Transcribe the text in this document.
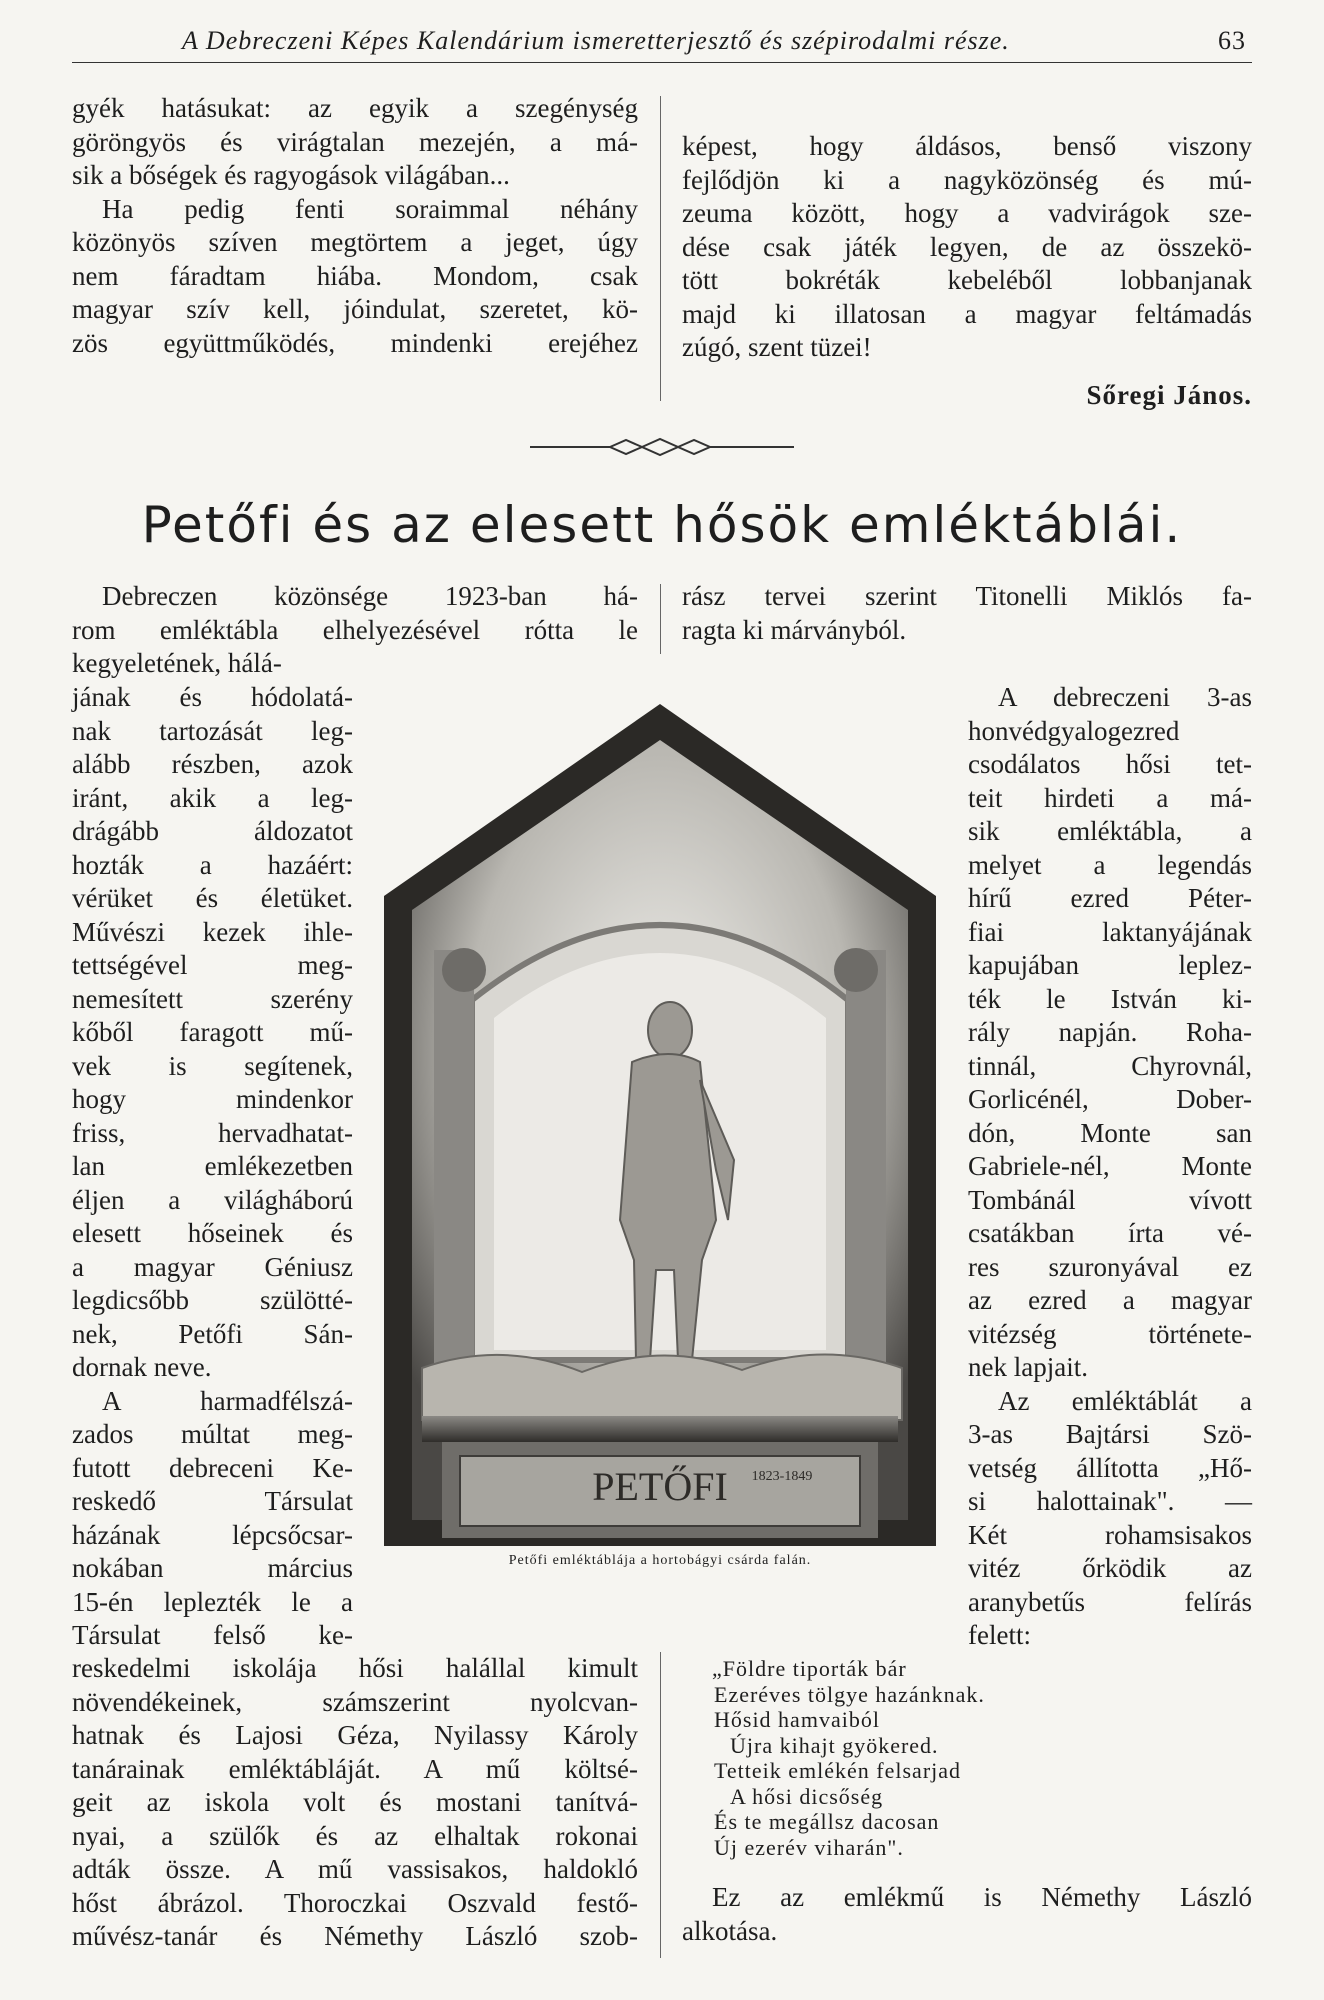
A Debreczeni Képes Kalendárium ismeretterjesztő és szépirodalmi része.	63
gyék hatásukat: az egyik a szegénység
göröngyös és virágtalan mezején, a má-
sik a bőségek és ragyogások világában...
Ha pedig fenti soraimmal néhány
közönyös szíven megtörtem a jeget, úgy
nem fáradtam hiába. Mondom, csak
magyar szív kell, jóindulat, szeretet, kö-
zös együttműködés, mindenki erejéhez
képest, hogy áldásos, benső viszony
fejlődjön ki a nagyközönség és mú-
zeuma között, hogy a vadvirágok sze-
dése csak játék legyen, de az összekö-
tött bokréták kebeléből lobbanjanak
majd ki illatosan a magyar feltámadás
zúgó, szent tüzei!
Sőregi János.
Petőfi és az elesett hősök emléktáblái.
Debreczen közönsége 1923-ban há-
rom emléktábla elhelyezésével rótta le
kegyeletének, hálá-
rász tervei szerint Titonelli Miklós fa-
ragta ki márványból.
jának és hódolatá-
nak tartozását leg-
alább részben, azok
iránt, akik a leg-
drágább áldozatot
hozták a hazáért:
vérüket és életüket.
Művészi kezek ihle-
tettségével meg-
nemesített szerény
kőből faragott mű-
vek is segítenek,
hogy mindenkor
friss, hervadhatat-
lan emlékezetben
éljen a világháború
elesett hőseinek és
a magyar Géniusz
legdicsőbb szülötté-
nek, Petőfi Sán-
dornak neve.
A harmadfélszá-
zados múltat meg-
futott debreceni Ke-
reskedő Társulat
házának lépcsőcsar-
nokában március
15-én leplezték le a
Társulat felső ke-
PETŐFI 1823-1849
Petőfi emléktáblája a hortobágyi csárda falán.
A debreczeni 3-as
honvédgyalogezred
csodálatos hősi tet-
teit hirdeti a má-
sik emléktábla, a
melyet a legendás
hírű ezred Péter-
fiai laktanyájának
kapujában leplez-
ték le István ki-
rály napján. Roha-
tinnál, Chyrovnál,
Gorlicénél, Dober-
dón, Monte san
Gabriele-nél, Monte
Tombánál vívott
csatákban írta vé-
res szuronyával ez
az ezred a magyar
vitézség története-
nek lapjait.
Az emléktáblát a
3-as Bajtársi Szö-
vetség állította „Hő-
si halottainak". —
Két rohamsisakos
vitéz őrködik az
aranybetűs felírás
felett:
reskedelmi iskolája hősi halállal kimult
növendékeinek, számszerint nyolcvan-
hatnak és Lajosi Géza, Nyilassy Károly
tanárainak emléktábláját. A mű költsé-
geit az iskola volt és mostani tanítvá-
nyai, a szülők és az elhaltak rokonai
adták össze. A mű vassisakos, haldokló
hőst ábrázol. Thoroczkai Oszvald festő-
művész-tanár és Némethy László szob-
„Földre tiporták bár
Ezeréves tölgye hazánknak.
Hősid hamvaiból
Újra kihajt gyökered.
Tetteik emlékén felsarjad
A hősi dicsőség
És te megállsz dacosan
Új ezerév viharán".
Ez az emlékmű is Némethy László
alkotása.
